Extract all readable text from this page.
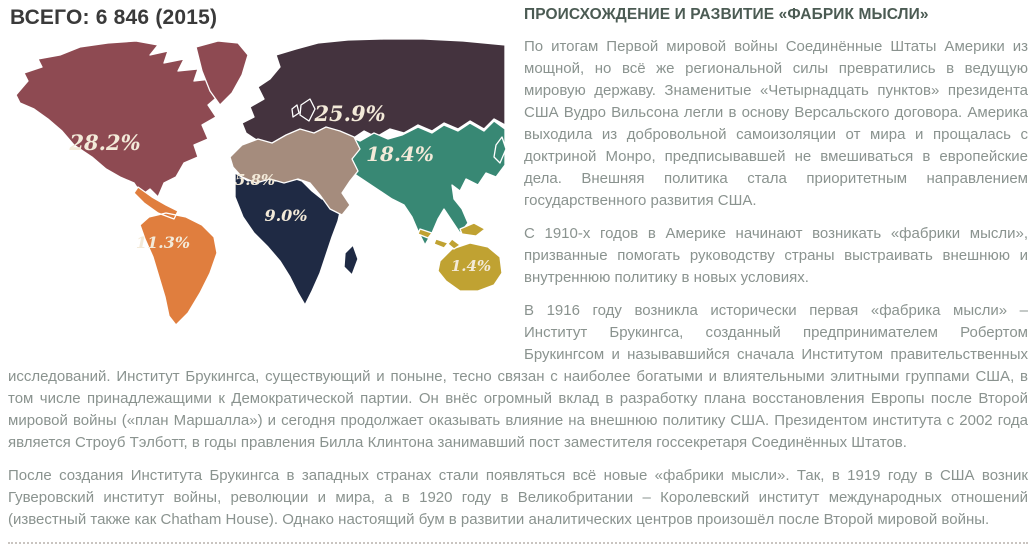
ВСЕГО: 6 846 (2015)
28.2%
11.3%
25.9%
18.4%
5.8%
9.0%
1.4%
ПРОИСХОЖДЕНИЕ И РАЗВИТИЕ «ФАБРИК МЫСЛИ»

По итогам Первой мировой войны Соединённые Штаты Америки из мощной, но всё же региональной силы превратились в ведущую мировую державу. Знаменитые «Четырнадцать пунктов» президента США Вудро Вильсона легли в основу Версальского договора. Америка выходила из добровольной самоизоляции от мира и прощалась с доктриной Монро, предписывавшей не вмешиваться в европейские дела. Внешняя политика стала приоритетным направлением государственного развития США.

С 1910-х годов в Америке начинают возникать «фабрики мысли», призванные помогать руководству страны выстраивать внешнюю и внутреннюю политику в новых условиях.

В 1916 году возникла исторически первая «фабрика мысли» – Институт Брукингса, созданный предпринимателем Робертом Брукингсом и называвшийся сначала Институтом правительственных исследований. Институт Брукингса, существующий и поныне, тесно связан с наиболее богатыми и влиятельными элитными группами США, в том числе принадлежащими к Демократической партии. Он внёс огромный вклад в разработку плана восстановления Европы после Второй мировой войны («план Маршалла») и сегодня продолжает оказывать влияние на внешнюю политику США. Президентом института с 2002 года является Строуб Тэлботт, в годы правления Билла Клинтона занимавший пост заместителя госсекретаря Соединённых Штатов.

После создания Института Брукингса в западных странах стали появляться всё новые «фабрики мысли». Так, в 1919 году в США возник Гуверовский институт войны, революции и мира, а в 1920 году в Великобритании – Королевский институт международных отношений (известный также как Chatham House). Однако настоящий бум в развитии аналитических центров произошёл после Второй мировой войны.
